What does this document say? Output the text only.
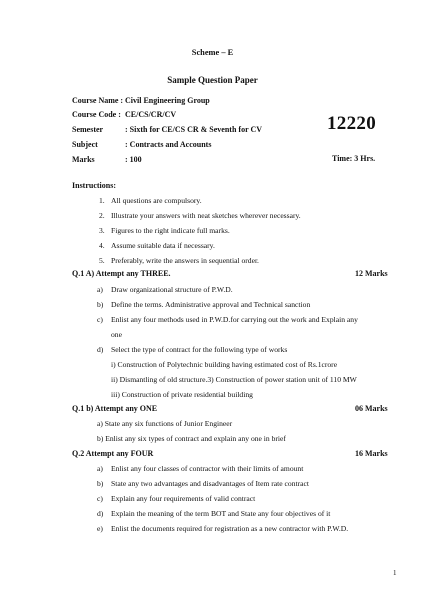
Scheme – E
Sample Question Paper
Course Name : Civil Engineering Group
Course Code : CE/CS/CR/CV
Semester	: Sixth for CE/CS CR & Seventh for CV
Subject	: Contracts and Accounts
Marks	: 100
12220
Time: 3 Hrs.
Instructions:
1. All questions are compulsory.
2. Illustrate your answers with neat sketches wherever necessary.
3. Figures to the right indicate full marks.
4. Assume suitable data if necessary.
5. Preferably, write the answers in sequential order.
Q.1 A) Attempt any THREE.	12 Marks
a) Draw organizational structure of P.W.D.
b) Define the terms. Administrative approval and Technical sanction
c) Enlist any four methods used in P.W.D.for carrying out the work and Explain any
one
d) Select the type of contract for the following type of works
i) Construction of Polytechnic building having estimated cost of Rs.1crore
ii) Dismantling of old structure.3) Construction of power station unit of 110 MW
iii) Construction of private residential building
Q.1 b) Attempt any ONE	06 Marks
a) State any six functions of Junior Engineer
b) Enlist any six types of contract and explain any one in brief
Q.2 Attempt any FOUR	16 Marks
a) Enlist any four classes of contractor with their limits of amount
b) State any two advantages and disadvantages of Item rate contract
c) Explain any four requirements of valid contract
d) Explain the meaning of the term BOT and State any four objectives of it
e) Enlist the documents required for registration as a new contractor with P.W.D.
1
